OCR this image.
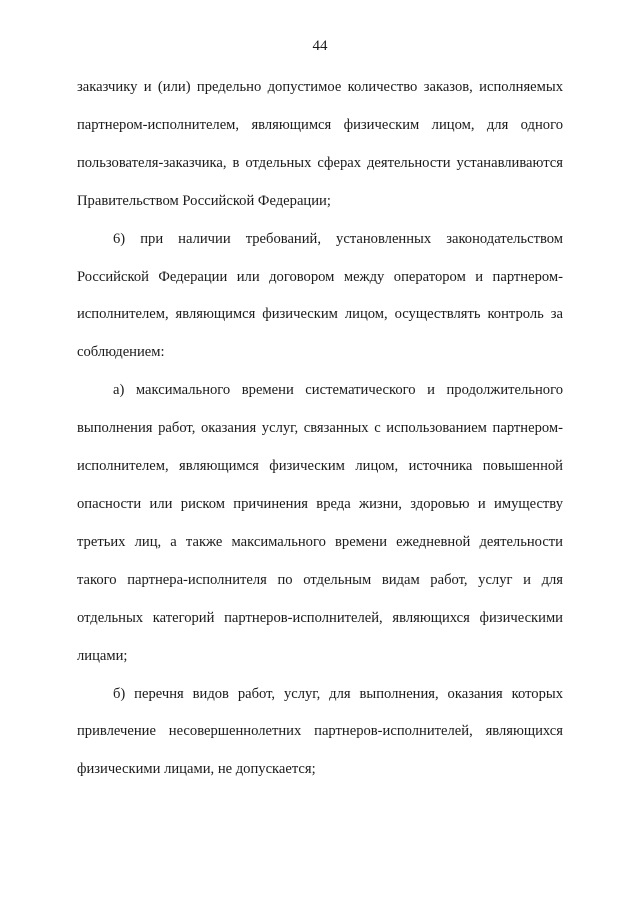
44

заказчику и (или) предельно допустимое количество заказов, исполняемых партнером-исполнителем, являющимся физическим лицом, для одного пользователя-заказчика, в отдельных сферах деятельности устанавливаются Правительством Российской Федерации;

6) при наличии требований, установленных законодательством Российской Федерации или договором между оператором и партнером-исполнителем, являющимся физическим лицом, осуществлять контроль за соблюдением:

а) максимального времени систематического и продолжительного выполнения работ, оказания услуг, связанных с использованием партнером-исполнителем, являющимся физическим лицом, источника повышенной опасности или риском причинения вреда жизни, здоровью и имуществу третьих лиц, а также максимального времени ежедневной деятельности такого партнера-исполнителя по отдельным видам работ, услуг и для отдельных категорий партнеров-исполнителей, являющихся физическими лицами;

б) перечня видов работ, услуг, для выполнения, оказания которых привлечение несовершеннолетних партнеров-исполнителей, являющихся физическими лицами, не допускается;
